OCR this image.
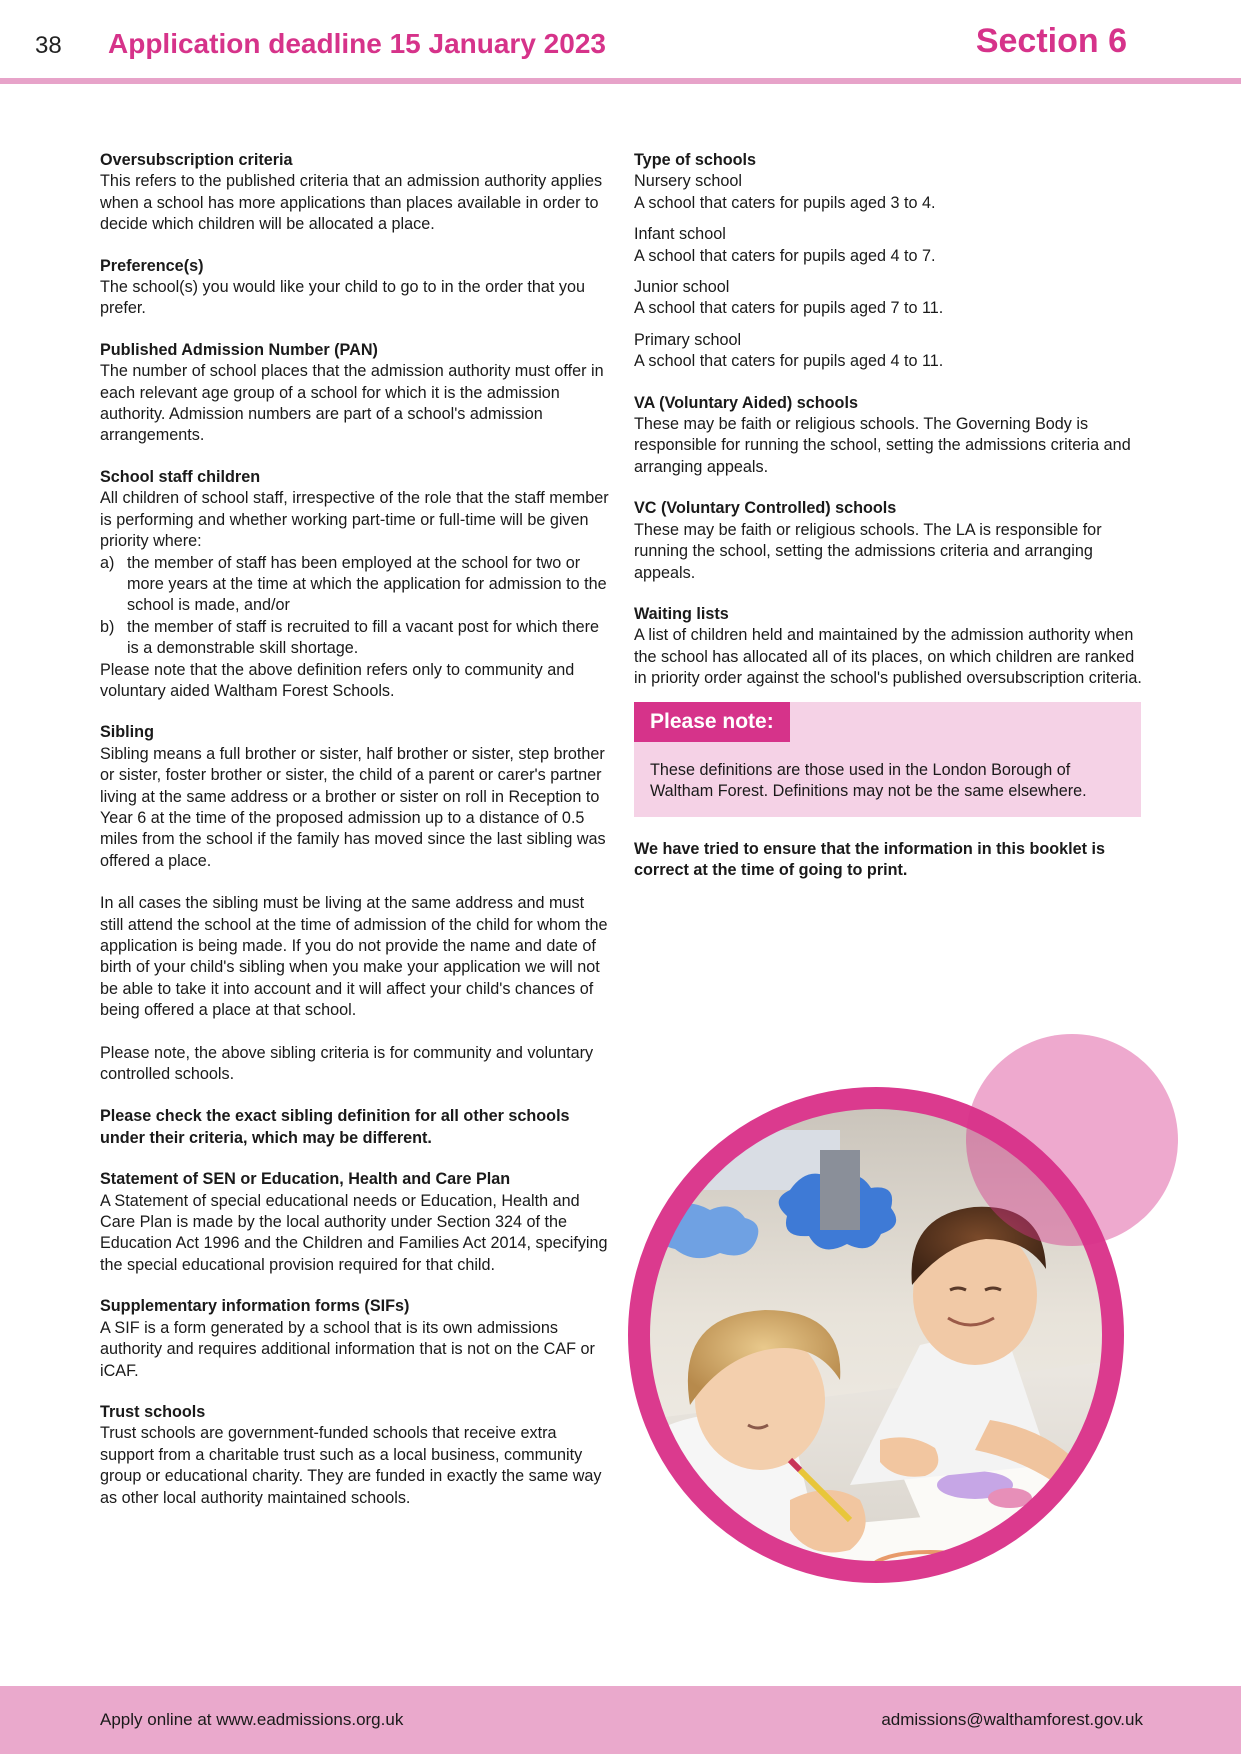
38 Application deadline 15 January 2023	Section 6
Oversubscription criteria
This refers to the published criteria that an admission authority applies when a school has more applications than places available in order to decide which children will be allocated a place.
Preference(s)
The school(s) you would like your child to go to in the order that you prefer.
Published Admission Number (PAN)
The number of school places that the admission authority must offer in each relevant age group of a school for which it is the admission authority. Admission numbers are part of a school's admission arrangements.
School staff children
All children of school staff, irrespective of the role that the staff member is performing and whether working part-time or full-time will be given priority where:
a) the member of staff has been employed at the school for two or more years at the time at which the application for admission to the school is made, and/or
b) the member of staff is recruited to fill a vacant post for which there is a demonstrable skill shortage.
Please note that the above definition refers only to community and voluntary aided Waltham Forest Schools.
Sibling
Sibling means a full brother or sister, half brother or sister, step brother or sister, foster brother or sister, the child of a parent or carer's partner living at the same address or a brother or sister on roll in Reception to Year 6 at the time of the proposed admission up to a distance of 0.5 miles from the school if the family has moved since the last sibling was offered a place.
In all cases the sibling must be living at the same address and must still attend the school at the time of admission of the child for whom the application is being made. If you do not provide the name and date of birth of your child's sibling when you make your application we will not be able to take it into account and it will affect your child's chances of being offered a place at that school.
Please note, the above sibling criteria is for community and voluntary controlled schools.
Please check the exact sibling definition for all other schools under their criteria, which may be different.
Statement of SEN or Education, Health and Care Plan
A Statement of special educational needs or Education, Health and Care Plan is made by the local authority under Section 324 of the Education Act 1996 and the Children and Families Act 2014, specifying the special educational provision required for that child.
Supplementary information forms (SIFs)
A SIF is a form generated by a school that is its own admissions authority and requires additional information that is not on the CAF or iCAF.
Trust schools
Trust schools are government-funded schools that receive extra support from a charitable trust such as a local business, community group or educational charity. They are funded in exactly the same way as other local authority maintained schools.
Type of schools
Nursery school
A school that caters for pupils aged 3 to 4.
Infant school
A school that caters for pupils aged 4 to 7.
Junior school
A school that caters for pupils aged 7 to 11.
Primary school
A school that caters for pupils aged 4 to 11.
VA (Voluntary Aided) schools
These may be faith or religious schools. The Governing Body is responsible for running the school, setting the admissions criteria and arranging appeals.
VC (Voluntary Controlled) schools
These may be faith or religious schools. The LA is responsible for running the school, setting the admissions criteria and arranging appeals.
Waiting lists
A list of children held and maintained by the admission authority when the school has allocated all of its places, on which children are ranked in priority order against the school's published oversubscription criteria.
Please note:
These definitions are those used in the London Borough of Waltham Forest. Definitions may not be the same elsewhere.
We have tried to ensure that the information in this booklet is correct at the time of going to print.
Apply online at www.eadmissions.org.uk	admissions@walthamforest.gov.uk
